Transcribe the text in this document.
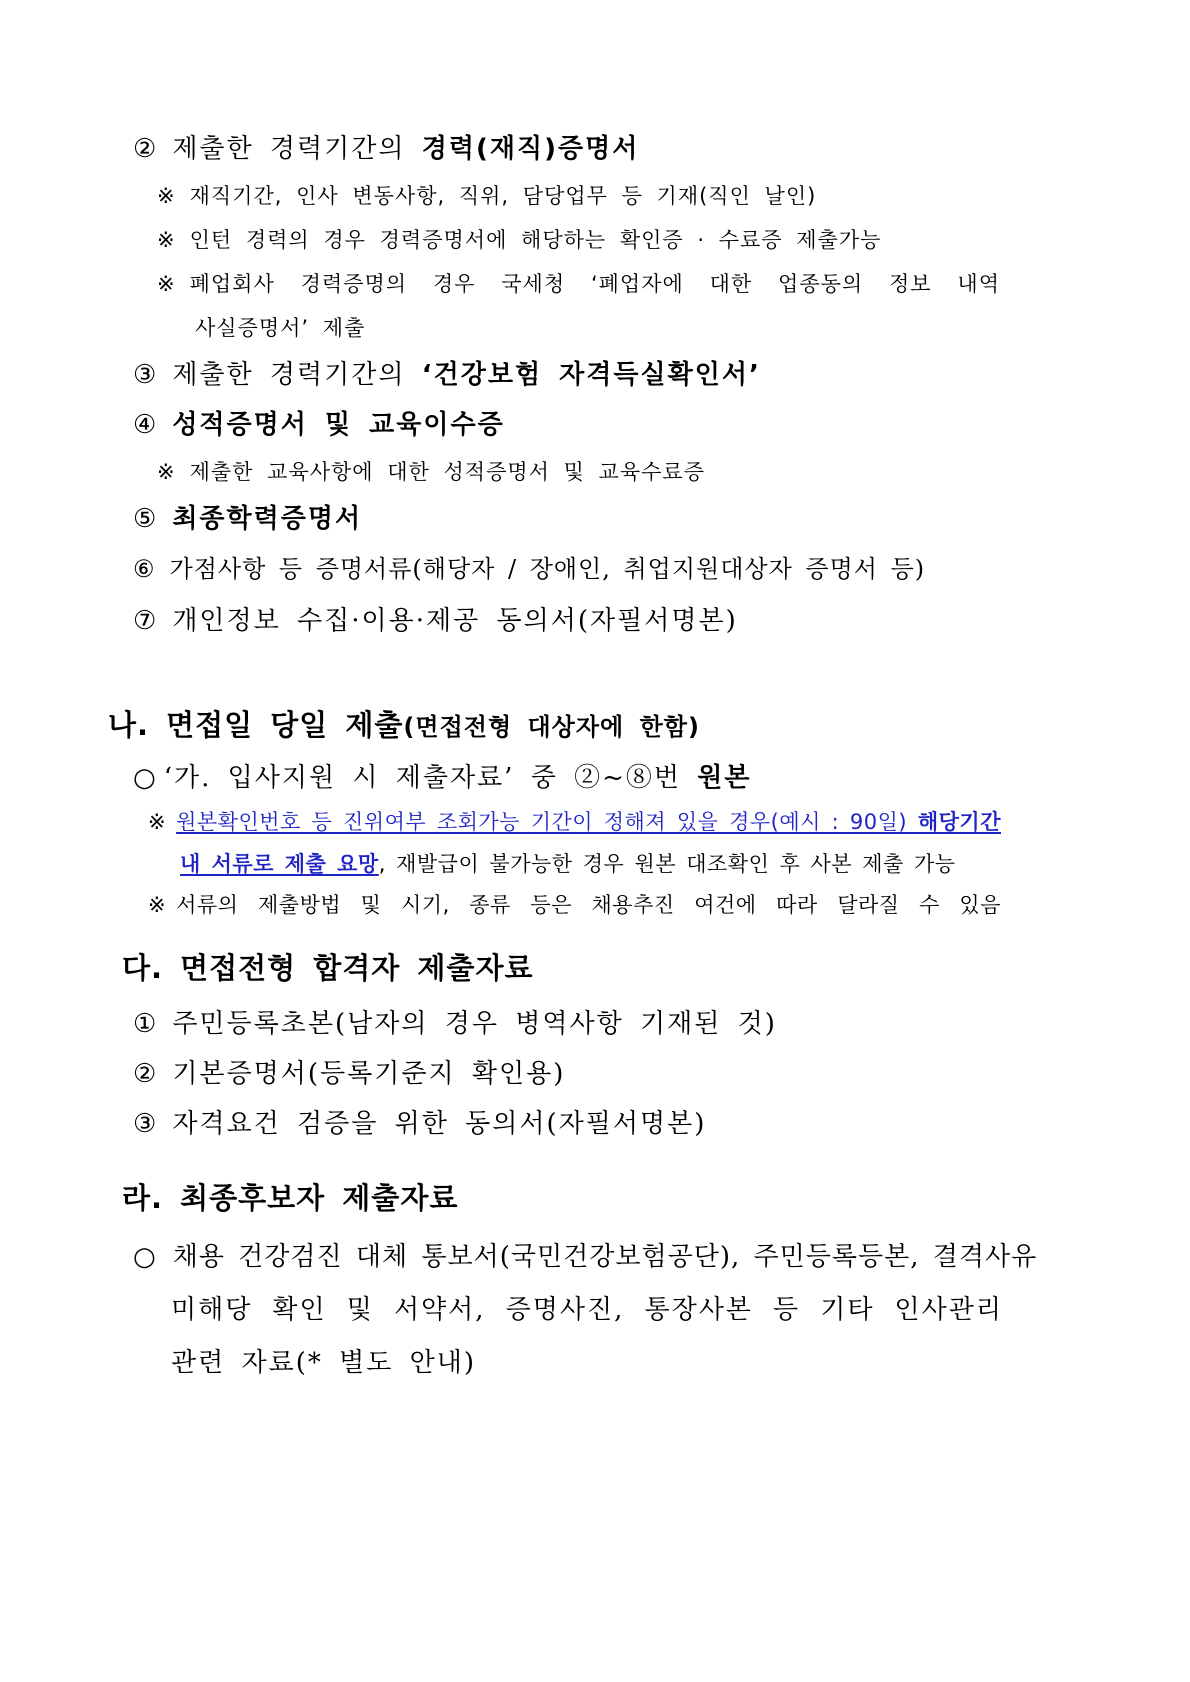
② 제출한 경력기간의 경력(재직)증명서
※ 재직기간, 인사 변동사항, 직위, 담당업무 등 기재(직인 날인)
※ 인턴 경력의 경우 경력증명서에 해당하는 확인증 · 수료증 제출가능
※ 폐업회사 경력증명의 경우 국세청 ‘폐업자에 대한 업종동의 정보 내역
사실증명서’ 제출
③ 제출한 경력기간의 ‘건강보험 자격득실확인서’
④ 성적증명서 및 교육이수증
※ 제출한 교육사항에 대한 성적증명서 및 교육수료증
⑤ 최종학력증명서
⑥ 가점사항 등 증명서류(해당자 / 장애인, 취업지원대상자 증명서 등)
⑦ 개인정보 수집·이용·제공 동의서(자필서명본)
나. 면접일 당일 제출(면접전형 대상자에 한함)
○ ‘가. 입사지원 시 제출자료’ 중 ②~⑧번 원본
※ 원본확인번호 등 진위여부 조회가능 기간이 정해져 있을 경우(예시 : 90일) 해당기간
내 서류로 제출 요망, 재발급이 불가능한 경우 원본 대조확인 후 사본 제출 가능
※ 서류의 제출방법 및 시기, 종류 등은 채용추진 여건에 따라 달라질 수 있음
다. 면접전형 합격자 제출자료
① 주민등록초본(남자의 경우 병역사항 기재된 것)
② 기본증명서(등록기준지 확인용)
③ 자격요건 검증을 위한 동의서(자필서명본)
라. 최종후보자 제출자료
○ 채용 건강검진 대체 통보서(국민건강보험공단), 주민등록등본, 결격사유
미해당 확인 및 서약서, 증명사진, 통장사본 등 기타 인사관리
관련 자료(* 별도 안내)
